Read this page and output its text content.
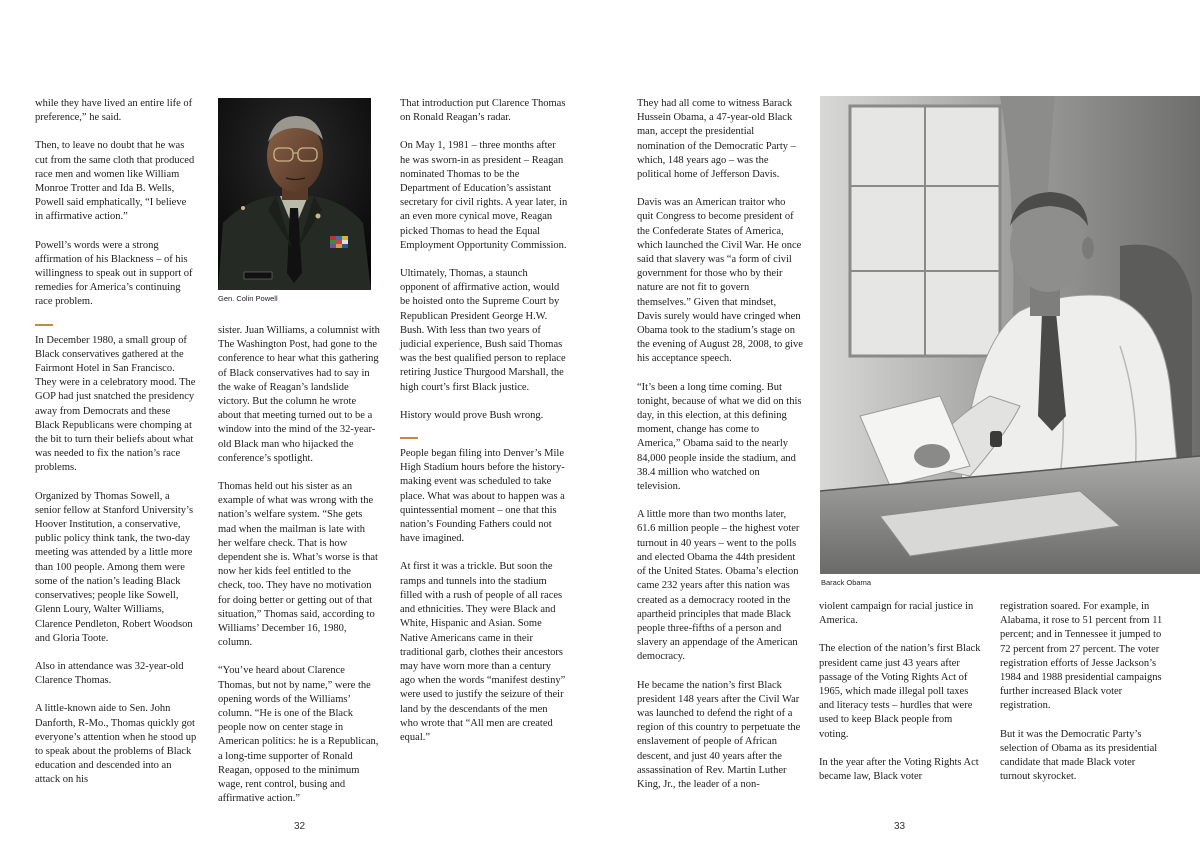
while they have lived an entire life of preference,” he said.

Then, to leave no doubt that he was cut from the same cloth that produced race men and women like William Monroe Trotter and Ida B. Wells, Powell said emphatically, “I believe in affirmative action.”

Powell’s words were a strong affirmation of his Blackness – of his willingness to speak out in support of remedies for America’s continuing race problem.

In December 1980, a small group of Black conservatives gathered at the Fairmont Hotel in San Francisco. They were in a celebratory mood. The GOP had just snatched the presidency away from Democrats and these Black Republicans were chomping at the bit to turn their beliefs about what was needed to fix the nation’s race problems.

Organized by Thomas Sowell, a senior fellow at Stanford University’s Hoover Institution, a conservative, public policy think tank, the two-day meeting was attended by a little more than 100 people. Among them were some of the nation’s leading Black conservatives; people like Sowell, Glenn Loury, Walter Williams, Clarence Pendleton, Robert Woodson and Gloria Toote.

Also in attendance was 32-year-old Clarence Thomas.

A little-known aide to Sen. John Danforth, R-Mo., Thomas quickly got everyone’s attention when he stood up to speak about the problems of Black education and descended into an attack on his

Gen. Colin Powell

sister. Juan Williams, a columnist with The Washington Post, had gone to the conference to hear what this gathering of Black conservatives had to say in the wake of Reagan’s landslide victory. But the column he wrote about that meeting turned out to be a window into the mind of the 32-year-old Black man who hijacked the conference’s spotlight.

Thomas held out his sister as an example of what was wrong with the nation’s welfare system. “She gets mad when the mailman is late with her welfare check. That is how dependent she is. What’s worse is that now her kids feel entitled to the check, too. They have no motivation for doing better or getting out of that situation,” Thomas said, according to Williams’ December 16, 1980, column.

“You’ve heard about Clarence Thomas, but not by name,” were the opening words of the Williams’ column. “He is one of the Black people now on center stage in American politics: he is a Republican, a long-time supporter of Ronald Reagan, opposed to the minimum wage, rent control, busing and affirmative action.”

That introduction put Clarence Thomas on Ronald Reagan’s radar.

On May 1, 1981 – three months after he was sworn-in as president – Reagan nominated Thomas to be the Department of Education’s assistant secretary for civil rights. A year later, in an even more cynical move, Reagan picked Thomas to head the Equal Employment Opportunity Commission.

Ultimately, Thomas, a staunch opponent of affirmative action, would be hoisted onto the Supreme Court by Republican President George H.W. Bush. With less than two years of judicial experience, Bush said Thomas was the best qualified person to replace retiring Justice Thurgood Marshall, the high court’s first Black justice.

History would prove Bush wrong.

People began filing into Denver’s Mile High Stadium hours before the history-making event was scheduled to take place. What was about to happen was a quintessential moment – one that this nation’s Founding Fathers could not have imagined.

At first it was a trickle. But soon the ramps and tunnels into the stadium filled with a rush of people of all races and ethnicities. They were Black and White, Hispanic and Asian. Some Native Americans came in their traditional garb, clothes their ancestors may have worn more than a century ago when the words “manifest destiny” were used to justify the seizure of their land by the descendants of the men who wrote that “All men are created equal.”

32

They had all come to witness Barack Hussein Obama, a 47-year-old Black man, accept the presidential nomination of the Democratic Party – which, 148 years ago – was the political home of Jefferson Davis.

Davis was an American traitor who quit Congress to become president of the Confederate States of America, which launched the Civil War. He once said that slavery was “a form of civil government for those who by their nature are not fit to govern themselves.” Given that mindset, Davis surely would have cringed when Obama took to the stadium’s stage on the evening of August 28, 2008, to give his acceptance speech.

“It’s been a long time coming. But tonight, because of what we did on this day, in this election, at this defining moment, change has come to America,” Obama said to the nearly 84,000 people inside the stadium, and 38.4 million who watched on television.

A little more than two months later, 61.6 million people – the highest voter turnout in 40 years – went to the polls and elected Obama the 44th president of the United States. Obama’s election came 232 years after this nation was created as a democracy rooted in the apartheid principles that made Black people three-fifths of a person and slavery an appendage of the American democracy.

He became the nation’s first Black president 148 years after the Civil War was launched to defend the right of a region of this country to perpetuate the enslavement of people of African descent, and just 40 years after the assassination of Rev. Martin Luther King, Jr., the leader of a non-

Barack Obama

violent campaign for racial justice in America.

The election of the nation’s first Black president came just 43 years after passage of the Voting Rights Act of 1965, which made illegal poll taxes and literacy tests – hurdles that were used to keep Black people from voting.

In the year after the Voting Rights Act became law, Black voter

registration soared. For example, in Alabama, it rose to 51 percent from 11 percent; and in Tennessee it jumped to 72 percent from 27 percent. The voter registration efforts of Jesse Jackson’s 1984 and 1988 presidential campaigns further increased Black voter registration.

But it was the Democratic Party’s selection of Obama as its presidential candidate that made Black voter turnout skyrocket.

33
